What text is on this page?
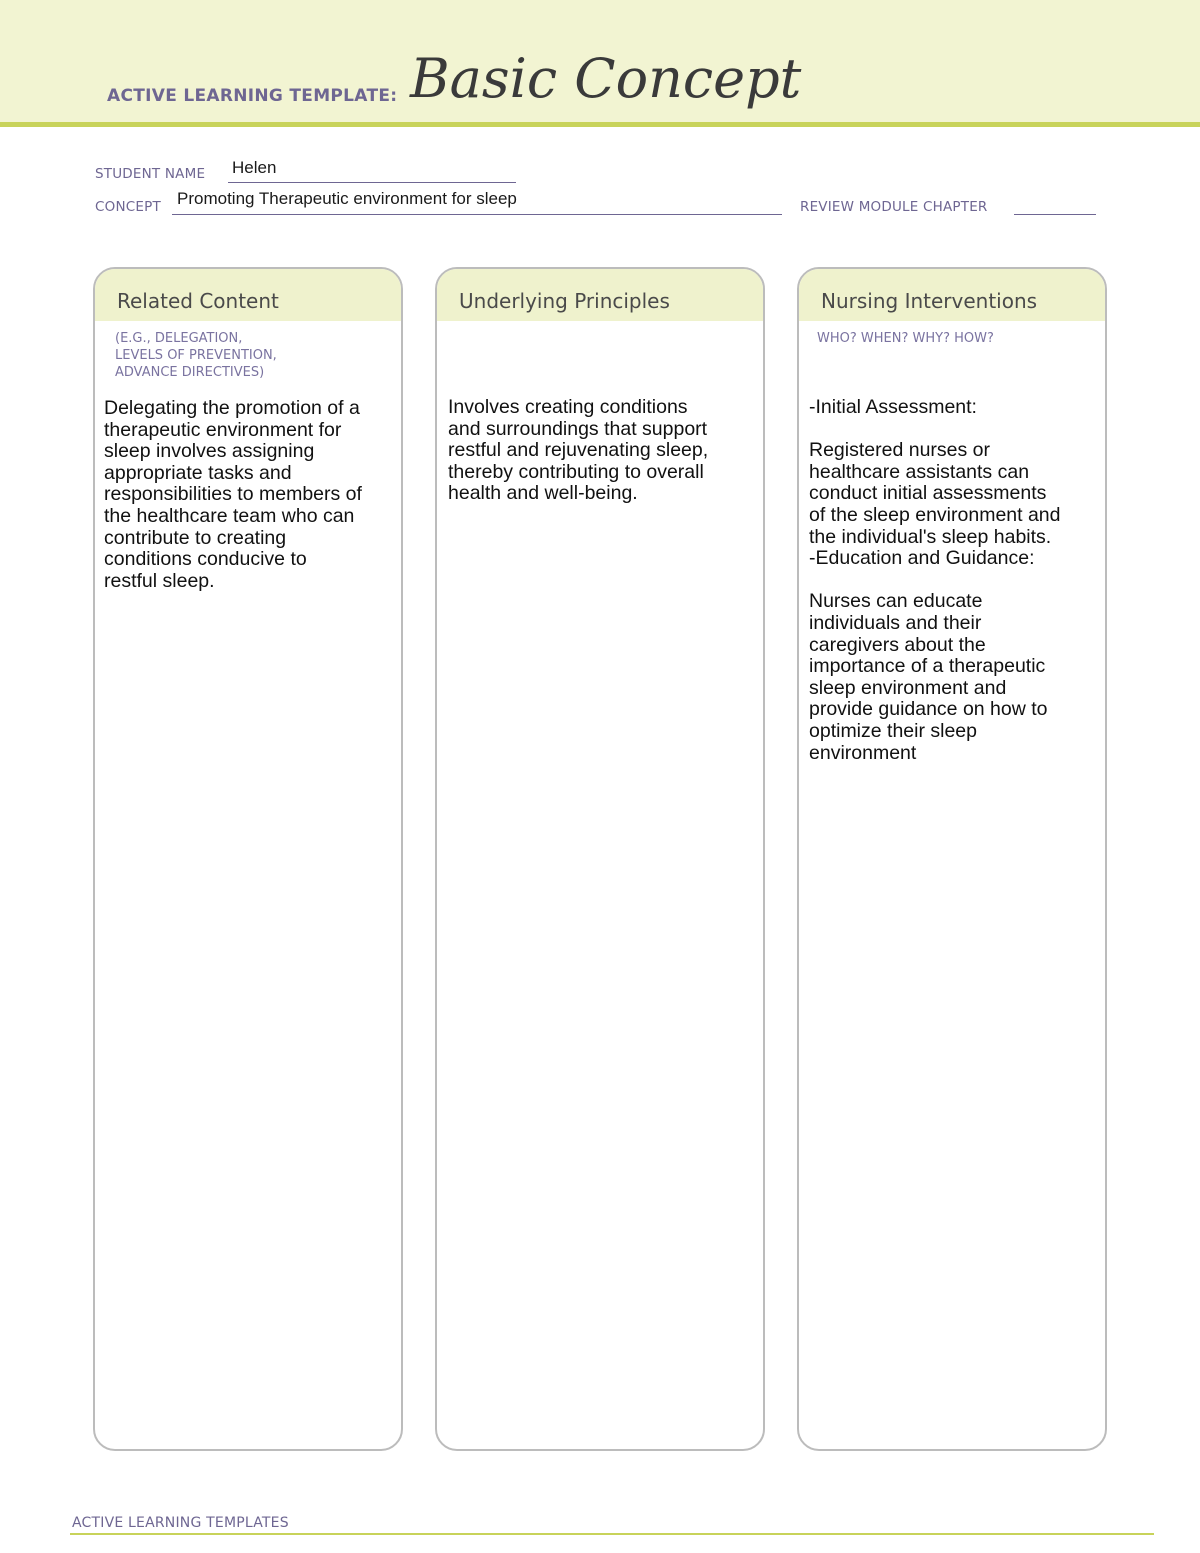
ACTIVE LEARNING TEMPLATE: Basic Concept
STUDENT NAME Helen
CONCEPT Promoting Therapeutic environment for sleep	REVIEW MODULE CHAPTER
Related Content
(E.G., DELEGATION,
LEVELS OF PREVENTION,
ADVANCE DIRECTIVES)
Delegating the promotion of a
therapeutic environment for
sleep involves assigning
appropriate tasks and
responsibilities to members of
the healthcare team who can
contribute to creating
conditions conducive to
restful sleep.
Underlying Principles
Involves creating conditions
and surroundings that support
restful and rejuvenating sleep,
thereby contributing to overall
health and well-being.
Nursing Interventions
WHO? WHEN? WHY? HOW?
-Initial Assessment:

Registered nurses or
healthcare assistants can
conduct initial assessments
of the sleep environment and
the individual's sleep habits.
-Education and Guidance:

Nurses can educate
individuals and their
caregivers about the
importance of a therapeutic
sleep environment and
provide guidance on how to
optimize their sleep
environment
ACTIVE LEARNING TEMPLATES
